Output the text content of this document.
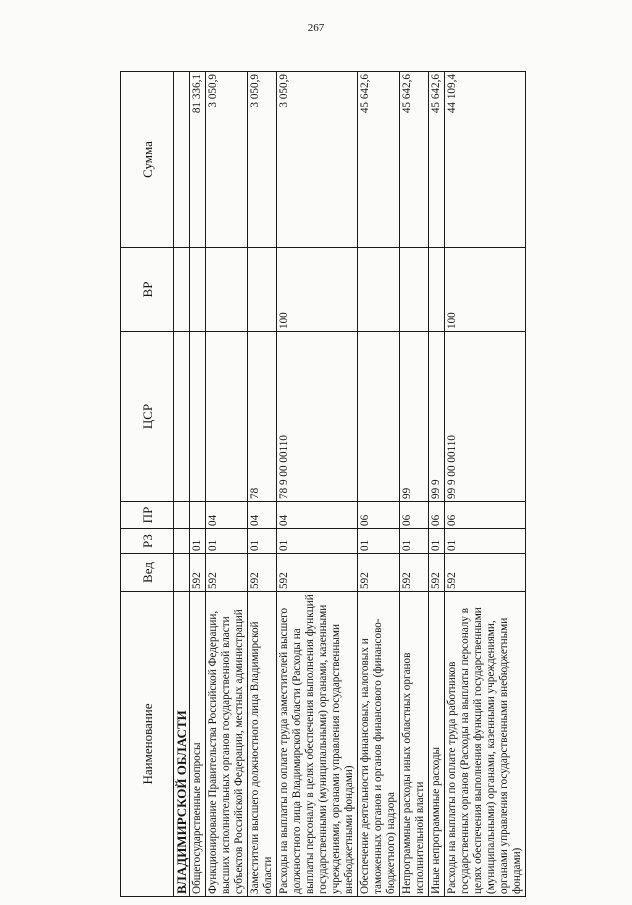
267
Наименование	Вед	РЗ	ПР	ЦСР	ВР	Сумма
ВЛАДИМИРСКОЙ ОБЛАСТИ						
Общегосударственные вопросы	592	01				81 336,1
Функционирование Правительства Российской Федерации, высших исполнительных органов государственной власти субъектов Российской Федерации, местных администраций	592	01	04			3 050,9
Заместители высшего должностного лица Владимирской области	592	01	04	78		3 050,9
Расходы на выплаты по оплате труда заместителей высшего должностного лица Владимирской области (Расходы на выплаты персоналу в целях обеспечения выполнения функций государственными (муниципальными) органами, казенными учреждениями, органами управления государственными внебюджетными фондами)	592	01	04	78 9 00 00110	100	3 050,9
Обеспечение деятельности финансовых, налоговых и таможенных органов и органов финансового (финансово-бюджетного) надзора	592	01	06			45 642,6
Непрограммные расходы иных областных органов исполнительной власти	592	01	06	99		45 642,6
Иные непрограммные расходы	592	01	06	99 9		45 642,6
Расходы на выплаты по оплате труда работников государственных органов (Расходы на выплаты персоналу в целях обеспечения выполнения функций государственными (муниципальными) органами, казенными учреждениями, органами управления государственными внебюджетными фондами)	592	01	06	99 9 00 00110	100	44 109,4
